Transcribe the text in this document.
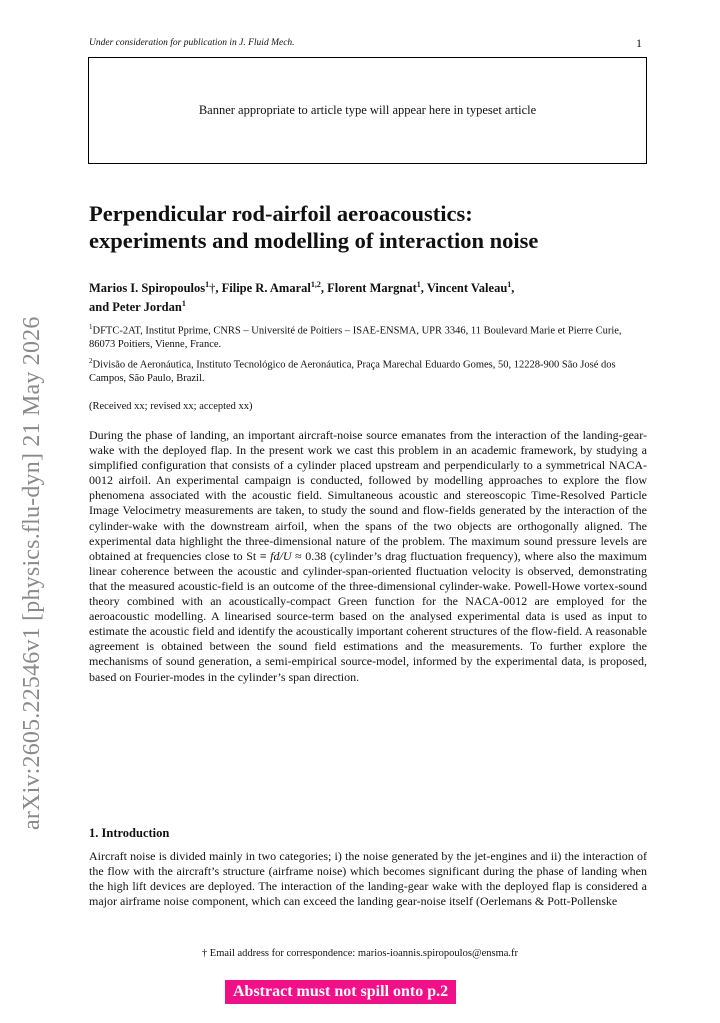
Under consideration for publication in J. Fluid Mech.	1
Banner appropriate to article type will appear here in typeset article
arXiv:2605.22546v1 [physics.flu-dyn] 21 May 2026
Perpendicular rod-airfoil aeroacoustics:
experiments and modelling of interaction noise

Marios I. Spiropoulos$^1$†, Filipe R. Amaral$^{1,2}$, Florent Margnat$^1$, Vincent Valeau$^1$,
and Peter Jordan$^1$

$^1$DFTC-2AT, Institut Pprime, CNRS – Université de Poitiers – ISAE-ENSMA, UPR 3346, 11 Boulevard Marie et Pierre Curie, 86073 Poitiers, Vienne, France.

$^2$Divisão de Aeronáutica, Instituto Tecnológico de Aeronáutica, Praça Marechal Eduardo Gomes, 50, 12228-900 São José dos Campos, São Paulo, Brazil.

(Received xx; revised xx; accepted xx)

During the phase of landing, an important aircraft-noise source emanates from the interaction of the landing-gear-wake with the deployed flap. In the present work we cast this problem in an academic framework, by studying a simplified configuration that consists of a cylinder placed upstream and perpendicularly to a symmetrical NACA-0012 airfoil. An experimental campaign is conducted, followed by modelling approaches to explore the flow phenomena associated with the acoustic field. Simultaneous acoustic and stereoscopic Time-Resolved Particle Image Velocimetry measurements are taken, to study the sound and flow-fields generated by the interaction of the cylinder-wake with the downstream airfoil, when the spans of the two objects are orthogonally aligned. The experimental data highlight the three-dimensional nature of the problem. The maximum sound pressure levels are obtained at frequencies close to St ≡ fd/U ≈ 0.38 (cylinder’s drag fluctuation frequency), where also the maximum linear coherence between the acoustic and cylinder-span-oriented fluctuation velocity is observed, demonstrating that the measured acoustic-field is an outcome of the three-dimensional cylinder-wake. Powell-Howe vortex-sound theory combined with an acoustically-compact Green function for the NACA-0012 are employed for the aeroacoustic modelling. A linearised source-term based on the analysed experimental data is used as input to estimate the acoustic field and identify the acoustically important coherent structures of the flow-field. A reasonable agreement is obtained between the sound field estimations and the measurements. To further explore the mechanisms of sound generation, a semi-empirical source-model, informed by the experimental data, is proposed, based on Fourier-modes in the cylinder’s span direction.

1. Introduction

Aircraft noise is divided mainly in two categories; i) the noise generated by the jet-engines and ii) the interaction of the flow with the aircraft’s structure (airframe noise) which becomes significant during the phase of landing when the high lift devices are deployed. The interaction of the landing-gear wake with the deployed flap is considered a major airframe noise component, which can exceed the landing gear-noise itself (Oerlemans & Pott-Pollenske

† Email address for correspondence: marios-ioannis.spiropoulos@ensma.fr
Abstract must not spill onto p.2
